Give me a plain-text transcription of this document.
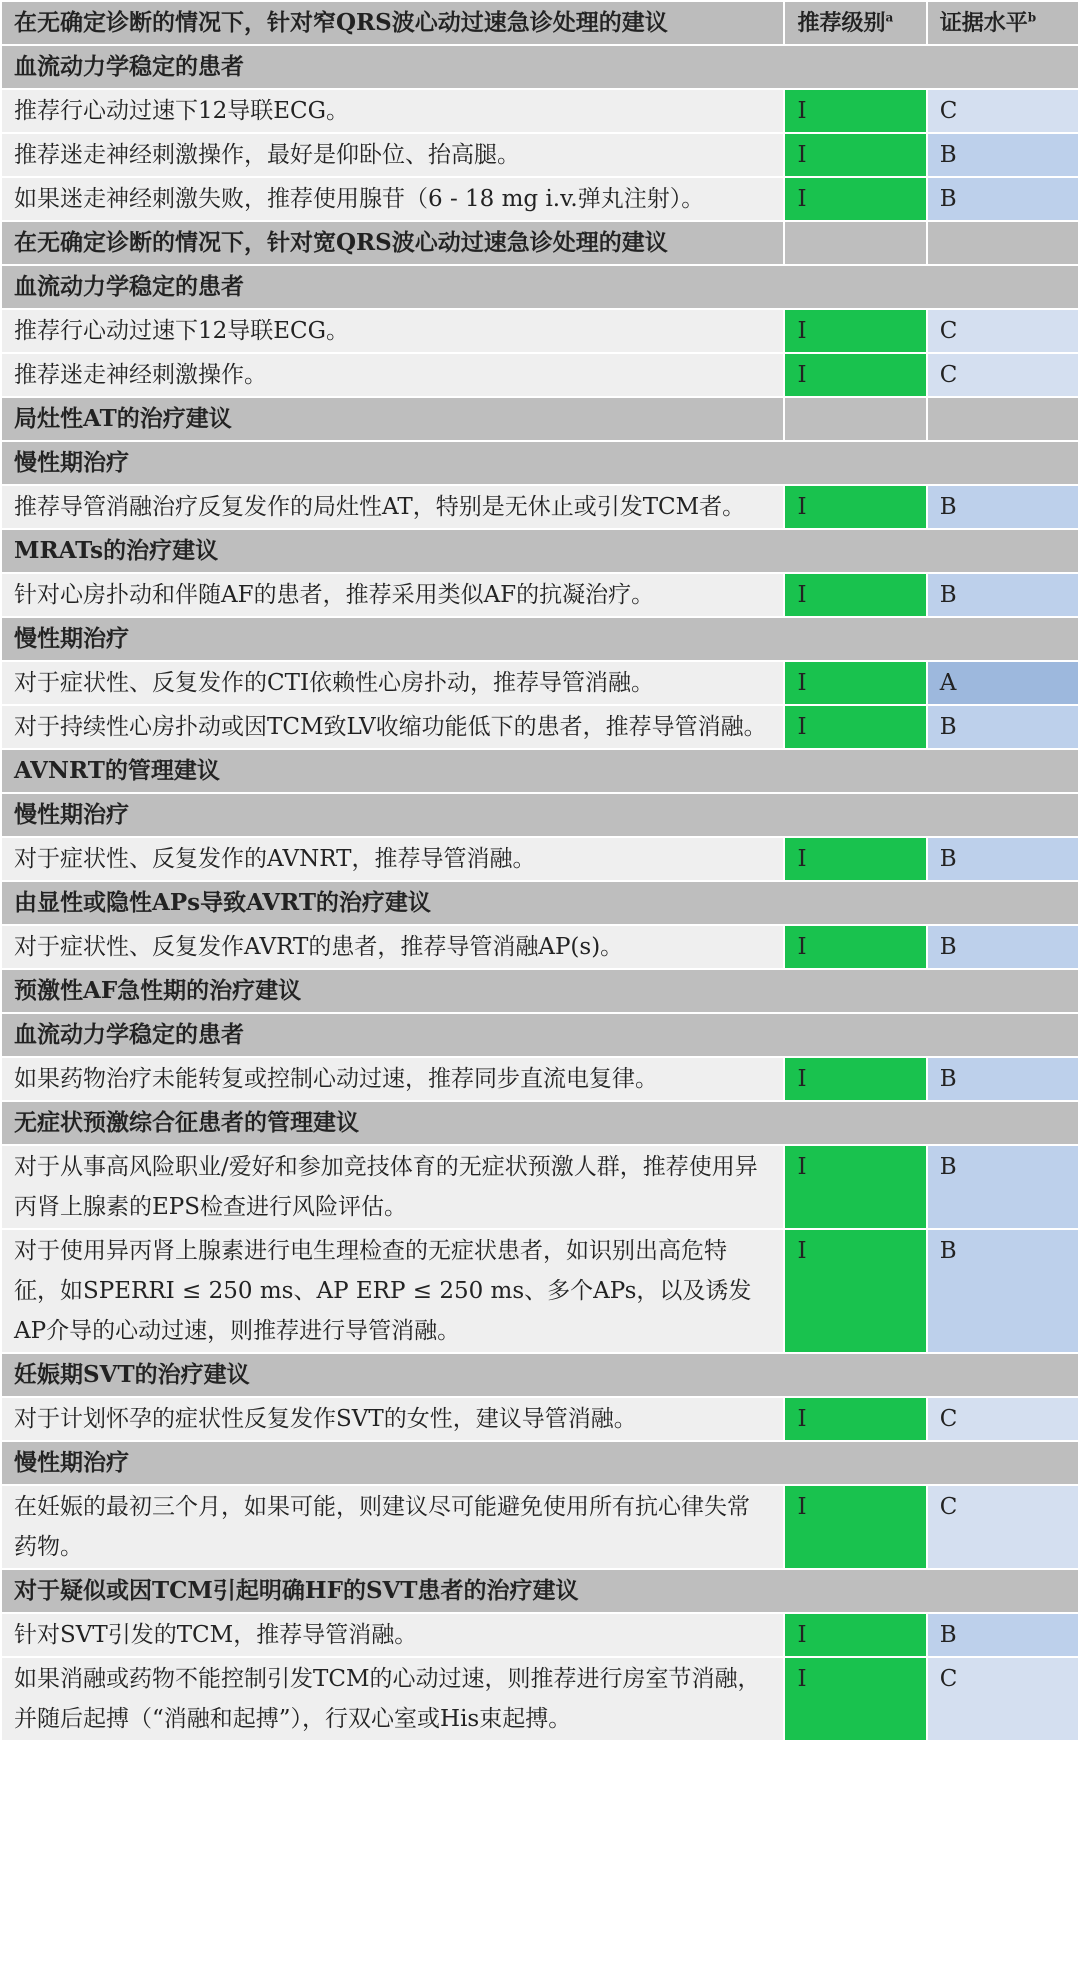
在无确定诊断的情况下，针对窄QRS波心动过速急诊处理的建议	推荐级别$^a$	证据水平$^b$
血流动力学稳定的患者		
推荐行心动过速下12导联ECG。	I	C
推荐迷走神经刺激操作，最好是仰卧位、抬高腿。	I	B
如果迷走神经刺激失败，推荐使用腺苷（6 - 18 mg i.v.弹丸注射）。	I	B
在无确定诊断的情况下，针对宽QRS波心动过速急诊处理的建议		
血流动力学稳定的患者		
推荐行心动过速下12导联ECG。	I	C
推荐迷走神经刺激操作。	I	C
局灶性AT的治疗建议		
慢性期治疗		
推荐导管消融治疗反复发作的局灶性AT，特别是无休止或引发TCM者。	I	B
MRATs的治疗建议		
针对心房扑动和伴随AF的患者，推荐采用类似AF的抗凝治疗。	I	B
慢性期治疗		
对于症状性、反复发作的CTI依赖性心房扑动，推荐导管消融。	I	A
对于持续性心房扑动或因TCM致LV收缩功能低下的患者，推荐导管消融。	I	B
AVNRT的管理建议		
慢性期治疗		
对于症状性、反复发作的AVNRT，推荐导管消融。	I	B
由显性或隐性APs导致AVRT的治疗建议		
对于症状性、反复发作AVRT的患者，推荐导管消融AP(s)。	I	B
预激性AF急性期的治疗建议		
血流动力学稳定的患者		
如果药物治疗未能转复或控制心动过速，推荐同步直流电复律。	I	B
无症状预激综合征患者的管理建议		
对于从事高风险职业/爱好和参加竞技体育的无症状预激人群，推荐使用异丙肾上腺素的EPS检查进行风险评估。	I	B
对于使用异丙肾上腺素进行电生理检查的无症状患者，如识别出高危特征，如SPERRI ≤ 250 ms、AP ERP ≤ 250 ms、多个APs，以及诱发AP介导的心动过速，则推荐进行导管消融。	I	B
妊娠期SVT的治疗建议		
对于计划怀孕的症状性反复发作SVT的女性，建议导管消融。	I	C
慢性期治疗		
在妊娠的最初三个月，如果可能，则建议尽可能避免使用所有抗心律失常药物。	I	C
对于疑似或因TCM引起明确HF的SVT患者的治疗建议		
针对SVT引发的TCM，推荐导管消融。	I	B
如果消融或药物不能控制引发TCM的心动过速，则推荐进行房室节消融，并随后起搏（“消融和起搏”），行双心室或His束起搏。	I	C
